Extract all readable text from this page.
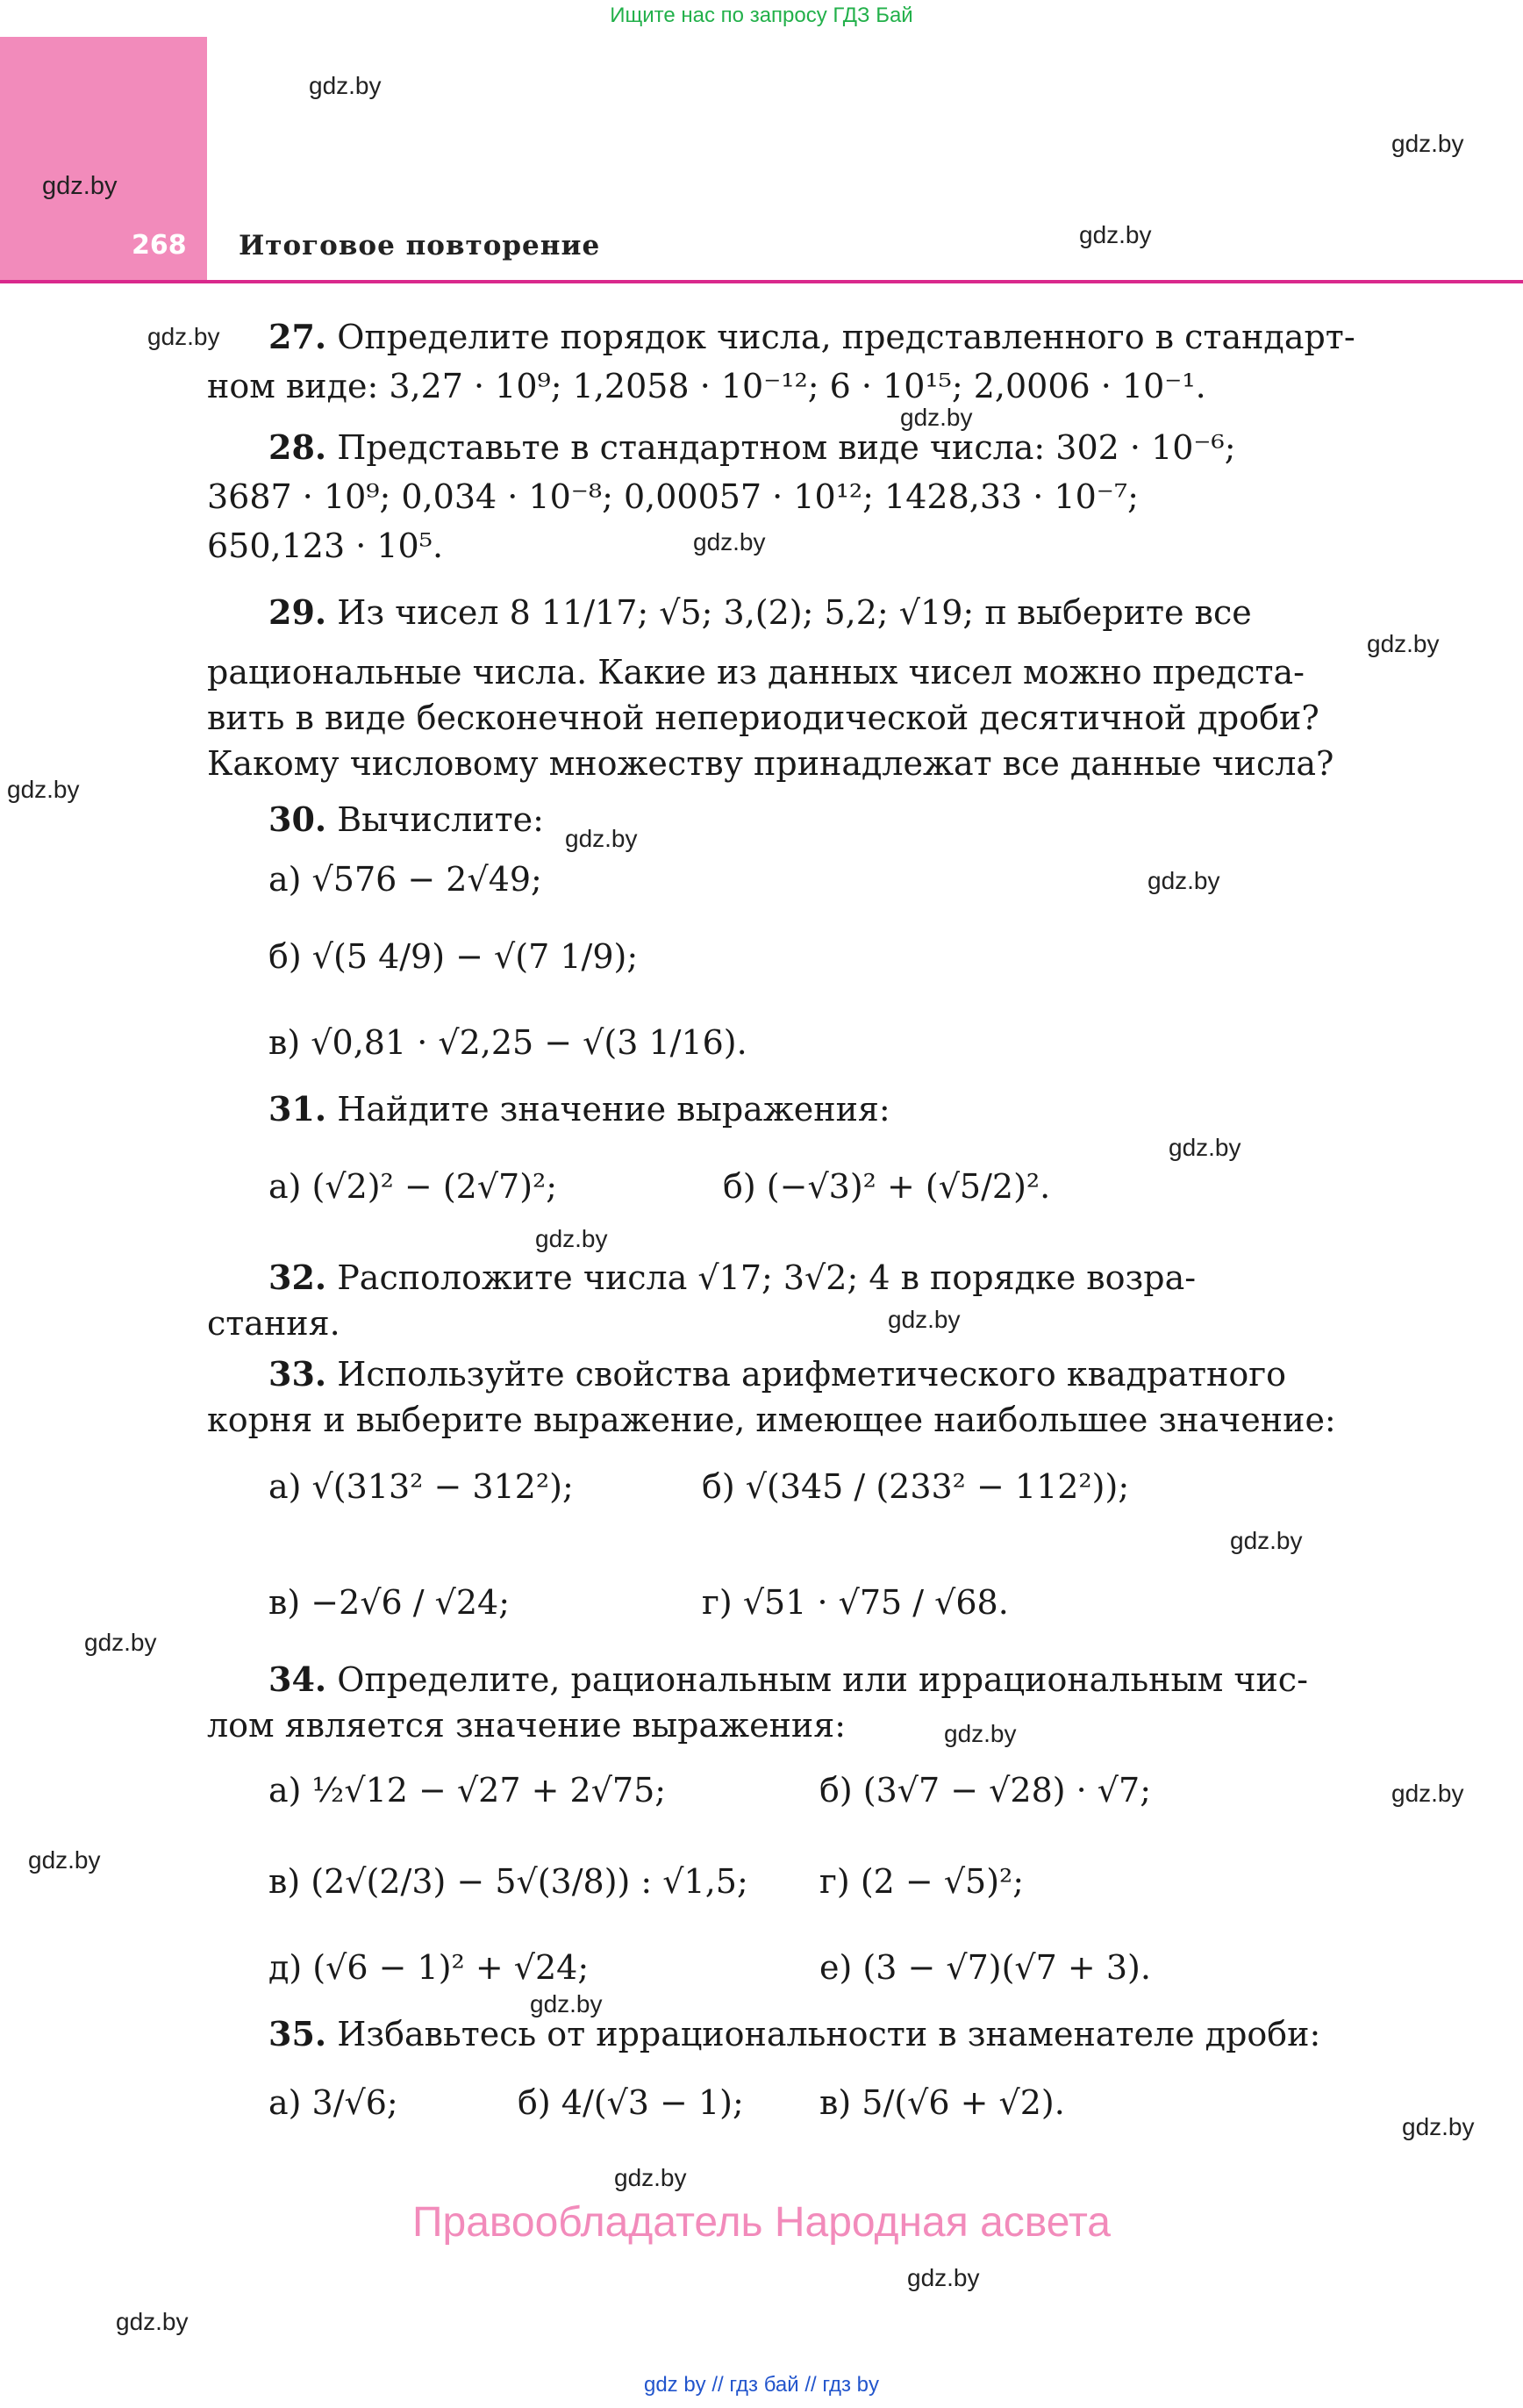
Ищите нас по запросу ГДЗ Бай
gdz.by
268 Итоговое повторение
gdz.by
gdz.by
gdz.by
gdz.by
gdz.by
gdz.by
gdz.by
gdz.by
gdz.by
gdz.by
gdz.by
gdz.by
gdz.by
gdz.by
gdz.by
gdz.by
gdz.by
gdz.by
gdz.by
gdz.by
gdz.by
gdz.by
gdz.by
27. Определите порядок числа, представленного в стандарт-
ном виде: 3,27 · 10⁹; 1,2058 · 10⁻¹²; 6 · 10¹⁵; 2,0006 · 10⁻¹.
28. Представьте в стандартном виде числа: 302 · 10⁻⁶;
3687 · 10⁹; 0,034 · 10⁻⁸; 0,00057 · 10¹²; 1428,33 · 10⁻⁷;
650,123 · 10⁵.
29. Из чисел 8 11/17; √5; 3,(2); 5,2; √19; π выберите все
рациональные числа. Какие из данных чисел можно предста-
вить в виде бесконечной непериодической десятичной дроби?
Какому числовому множеству принадлежат все данные числа?
30. Вычислите:
а) √576 − 2√49;
б) √(5 4/9) − √(7 1/9);
в) √0,81 · √2,25 − √(3 1/16).
31. Найдите значение выражения:
а) (√2)² − (2√7)²;	б) (−√3)² + (√5/2)².
32. Расположите числа √17; 3√2; 4 в порядке возра-
стания.
33. Используйте свойства арифметического квадратного
корня и выберите выражение, имеющее наибольшее значение:
а) √(313² − 312²);	б) √(345 / (233² − 112²));
в) −2√6 / √24;	г) √51 · √75 / √68.
34. Определите, рациональным или иррациональным чис-
лом является значение выражения:
а) ½√12 − √27 + 2√75;	б) (3√7 − √28) · √7;
в) (2√(2/3) − 5√(3/8)) : √1,5; г) (2 − √5)²;
д) (√6 − 1)² + √24;	е) (3 − √7)(√7 + 3).
35. Избавьтесь от иррациональности в знаменателе дроби:
а) 3/√6;	б) 4/(√3 − 1); в) 5/(√6 + √2).
Правообладатель Народная асвета
gdz by // гдз бай // гдз by
